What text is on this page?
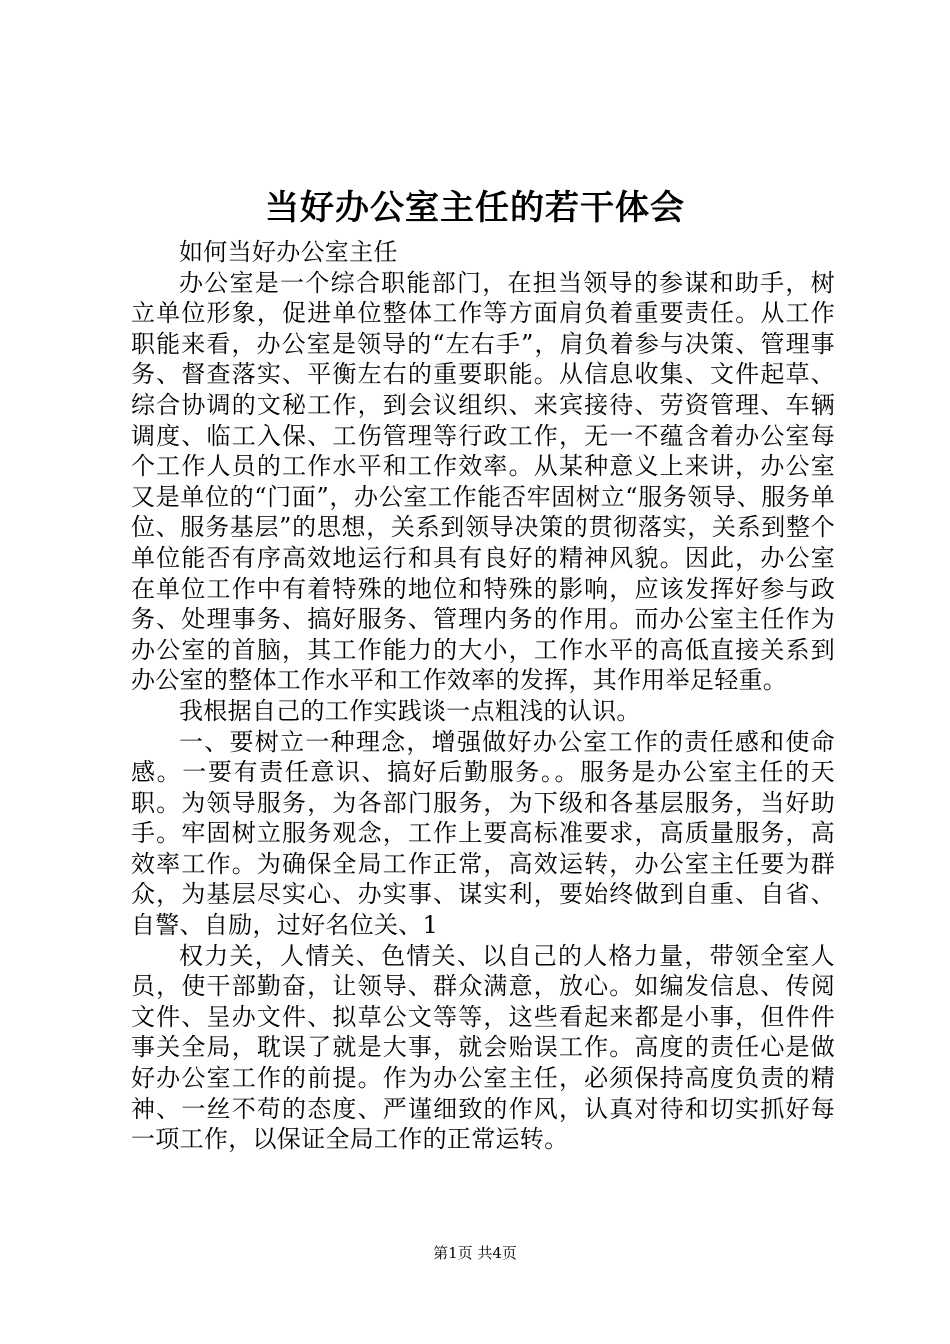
当好办公室主任的若干体会

如何当好办公室主任

办公室是一个综合职能部门，在担当领导的参谋和助手，树立单位形象，促进单位整体工作等方面肩负着重要责任。从工作职能来看，办公室是领导的“左右手”，肩负着参与决策、管理事务、督查落实、平衡左右的重要职能。从信息收集、文件起草、综合协调的文秘工作，到会议组织、来宾接待、劳资管理、车辆调度、临工入保、工伤管理等行政工作，无一不蕴含着办公室每个工作人员的工作水平和工作效率。从某种意义上来讲，办公室又是单位的“门面”，办公室工作能否牢固树立“服务领导、服务单位、服务基层”的思想，关系到领导决策的贯彻落实，关系到整个单位能否有序高效地运行和具有良好的精神风貌。因此，办公室在单位工作中有着特殊的地位和特殊的影响，应该发挥好参与政务、处理事务、搞好服务、管理内务的作用。而办公室主任作为办公室的首脑，其工作能力的大小，工作水平的高低直接关系到办公室的整体工作水平和工作效率的发挥，其作用举足轻重。

我根据自己的工作实践谈一点粗浅的认识。

一、要树立一种理念，增强做好办公室工作的责任感和使命感。一要有责任意识、搞好后勤服务。。服务是办公室主任的天职。为领导服务，为各部门服务，为下级和各基层服务，当好助手。牢固树立服务观念，工作上要高标准要求，高质量服务，高效率工作。为确保全局工作正常，高效运转，办公室主任要为群众，为基层尽实心、办实事、谋实利，要始终做到自重、自省、自警、自励，过好名位关、1

权力关，人情关、色情关、以自己的人格力量，带领全室人员，使干部勤奋，让领导、群众满意，放心。如编发信息、传阅文件、呈办文件、拟草公文等等，这些看起来都是小事，但件件事关全局，耽误了就是大事，就会贻误工作。高度的责任心是做好办公室工作的前提。作为办公室主任，必须保持高度负责的精神、一丝不苟的态度、严谨细致的作风，认真对待和切实抓好每一项工作，以保证全局工作的正常运转。

第1页 共4页
